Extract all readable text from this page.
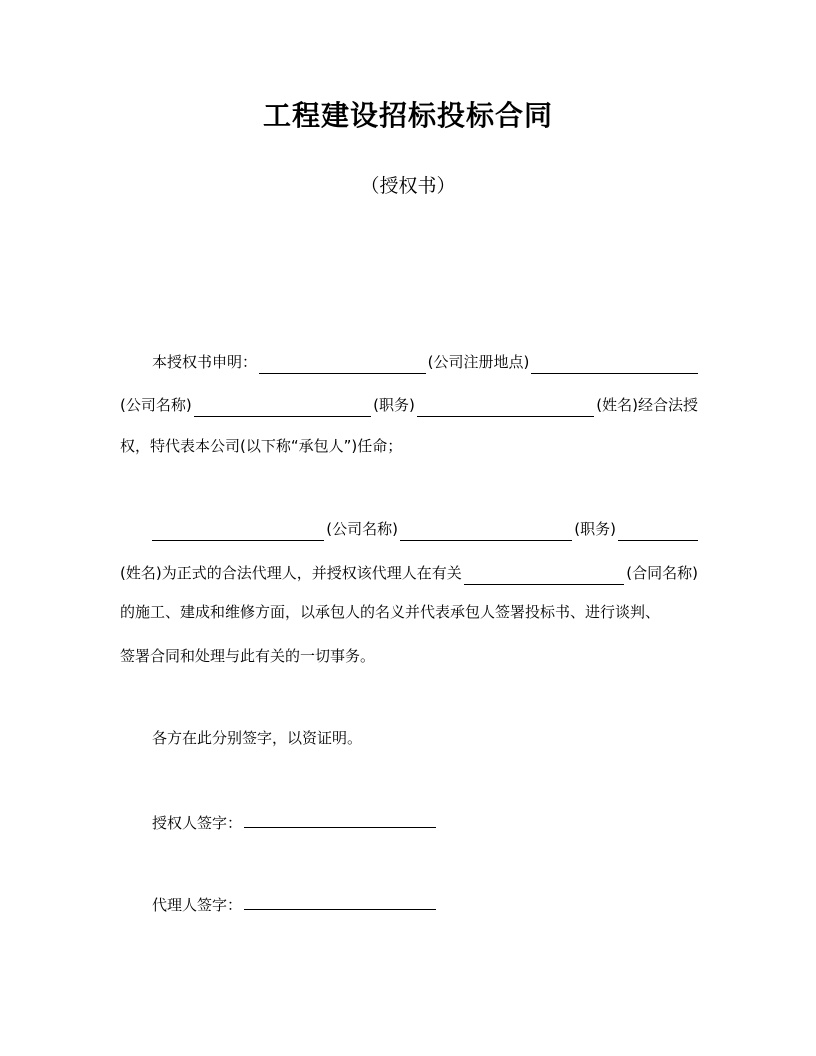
工程建设招标投标合同
（授权书）
本授权书申明：	(公司注册地点)
(公司名称)	(职务)	(姓名)经合法授
权，特代表本公司(以下称“承包人”)任命；
(公司名称)	(职务)
(姓名)为正式的合法代理人，并授权该代理人在有关	(合同名称)
的施工、建成和维修方面，以承包人的名义并代表承包人签署投标书、进行谈判、
签署合同和处理与此有关的一切事务。
各方在此分别签字，以资证明。
授权人签字：
代理人签字：
